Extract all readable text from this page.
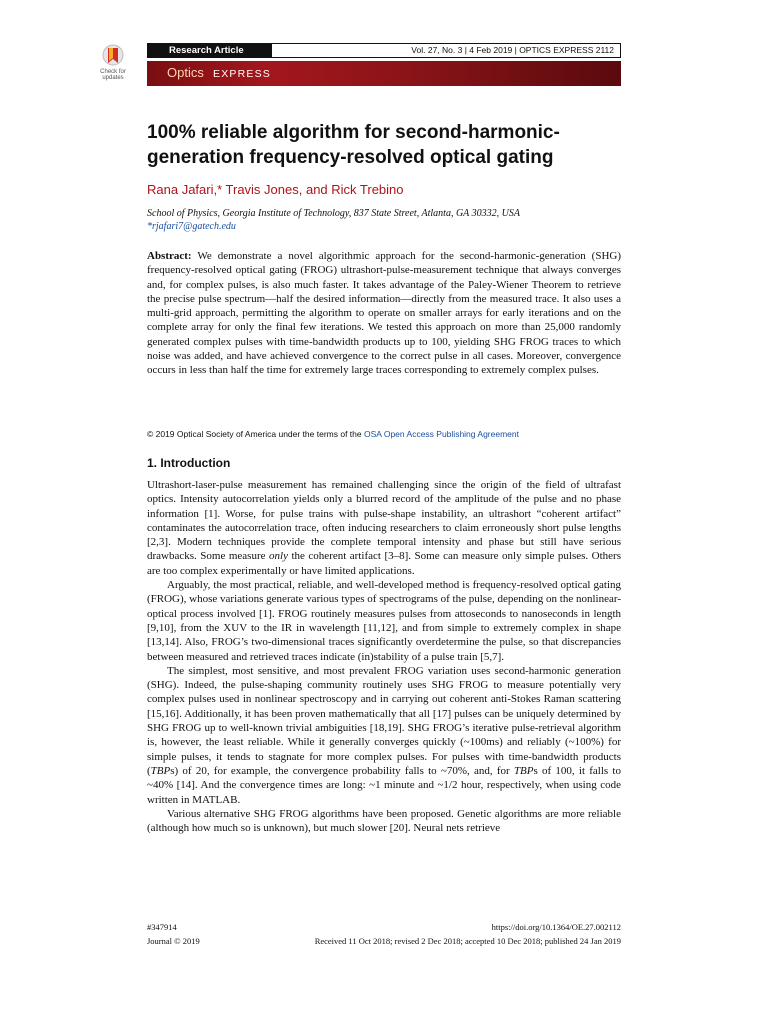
Check for
updates
Research Article	Vol. 27, No. 3 | 4 Feb 2019 | OPTICS EXPRESS 2112
Optics EXPRESS
100% reliable algorithm for second-harmonic-generation frequency-resolved optical gating
Rana Jafari,* Travis Jones, and Rick Trebino
School of Physics, Georgia Institute of Technology, 837 State Street, Atlanta, GA 30332, USA
*rjafari7@gatech.edu

Abstract: We demonstrate a novel algorithmic approach for the second-harmonic-generation (SHG) frequency-resolved optical gating (FROG) ultrashort-pulse-measurement technique that always converges and, for complex pulses, is also much faster. It takes advantage of the Paley-Wiener Theorem to retrieve the precise pulse spectrum—half the desired information—directly from the measured trace. It also uses a multi-grid approach, permitting the algorithm to operate on smaller arrays for early iterations and on the complete array for only the final few iterations. We tested this approach on more than 25,000 randomly generated complex pulses with time-bandwidth products up to 100, yielding SHG FROG traces to which noise was added, and have achieved convergence to the correct pulse in all cases. Moreover, convergence occurs in less than half the time for extremely large traces corresponding to extremely complex pulses.

© 2019 Optical Society of America under the terms of the OSA Open Access Publishing Agreement
1. Introduction

Ultrashort-laser-pulse measurement has remained challenging since the origin of the field of ultrafast optics. Intensity autocorrelation yields only a blurred record of the amplitude of the pulse and no phase information [1]. Worse, for pulse trains with pulse-shape instability, an ultrashort “coherent artifact” contaminates the autocorrelation trace, often inducing researchers to claim erroneously short pulse lengths [2,3]. Modern techniques provide the complete temporal intensity and phase but still have serious drawbacks. Some measure only the coherent artifact [3–8]. Some can measure only simple pulses. Others are too complex experimentally or have limited applications.

Arguably, the most practical, reliable, and well-developed method is frequency-resolved optical gating (FROG), whose variations generate various types of spectrograms of the pulse, depending on the nonlinear-optical process involved [1]. FROG routinely measures pulses from attoseconds to nanoseconds in length [9,10], from the XUV to the IR in wavelength [11,12], and from simple to extremely complex in shape [13,14]. Also, FROG’s two-dimensional traces significantly overdetermine the pulse, so that discrepancies between measured and retrieved traces indicate (in)stability of a pulse train [5,7].

The simplest, most sensitive, and most prevalent FROG variation uses second-harmonic generation (SHG). Indeed, the pulse-shaping community routinely uses SHG FROG to measure potentially very complex pulses used in nonlinear spectroscopy and in carrying out coherent anti-Stokes Raman scattering [15,16]. Additionally, it has been proven mathematically that all [17] pulses can be uniquely determined by SHG FROG up to well-known trivial ambiguities [18,19]. SHG FROG’s iterative pulse-retrieval algorithm is, however, the least reliable. While it generally converges quickly (~100ms) and reliably (~100%) for simple pulses, it tends to stagnate for more complex pulses. For pulses with time-bandwidth products (TBPs) of 20, for example, the convergence probability falls to ~70%, and, for TBPs of 100, it falls to ~40% [14]. And the convergence times are long: ~1 minute and ~1/2 hour, respectively, when using code written in MATLAB.

Various alternative SHG FROG algorithms have been proposed. Genetic algorithms are more reliable (although how much so is unknown), but much slower [20]. Neural nets retrieve

#347914	https://doi.org/10.1364/OE.27.002112
Journal © 2019	Received 11 Oct 2018; revised 2 Dec 2018; accepted 10 Dec 2018; published 24 Jan 2019
